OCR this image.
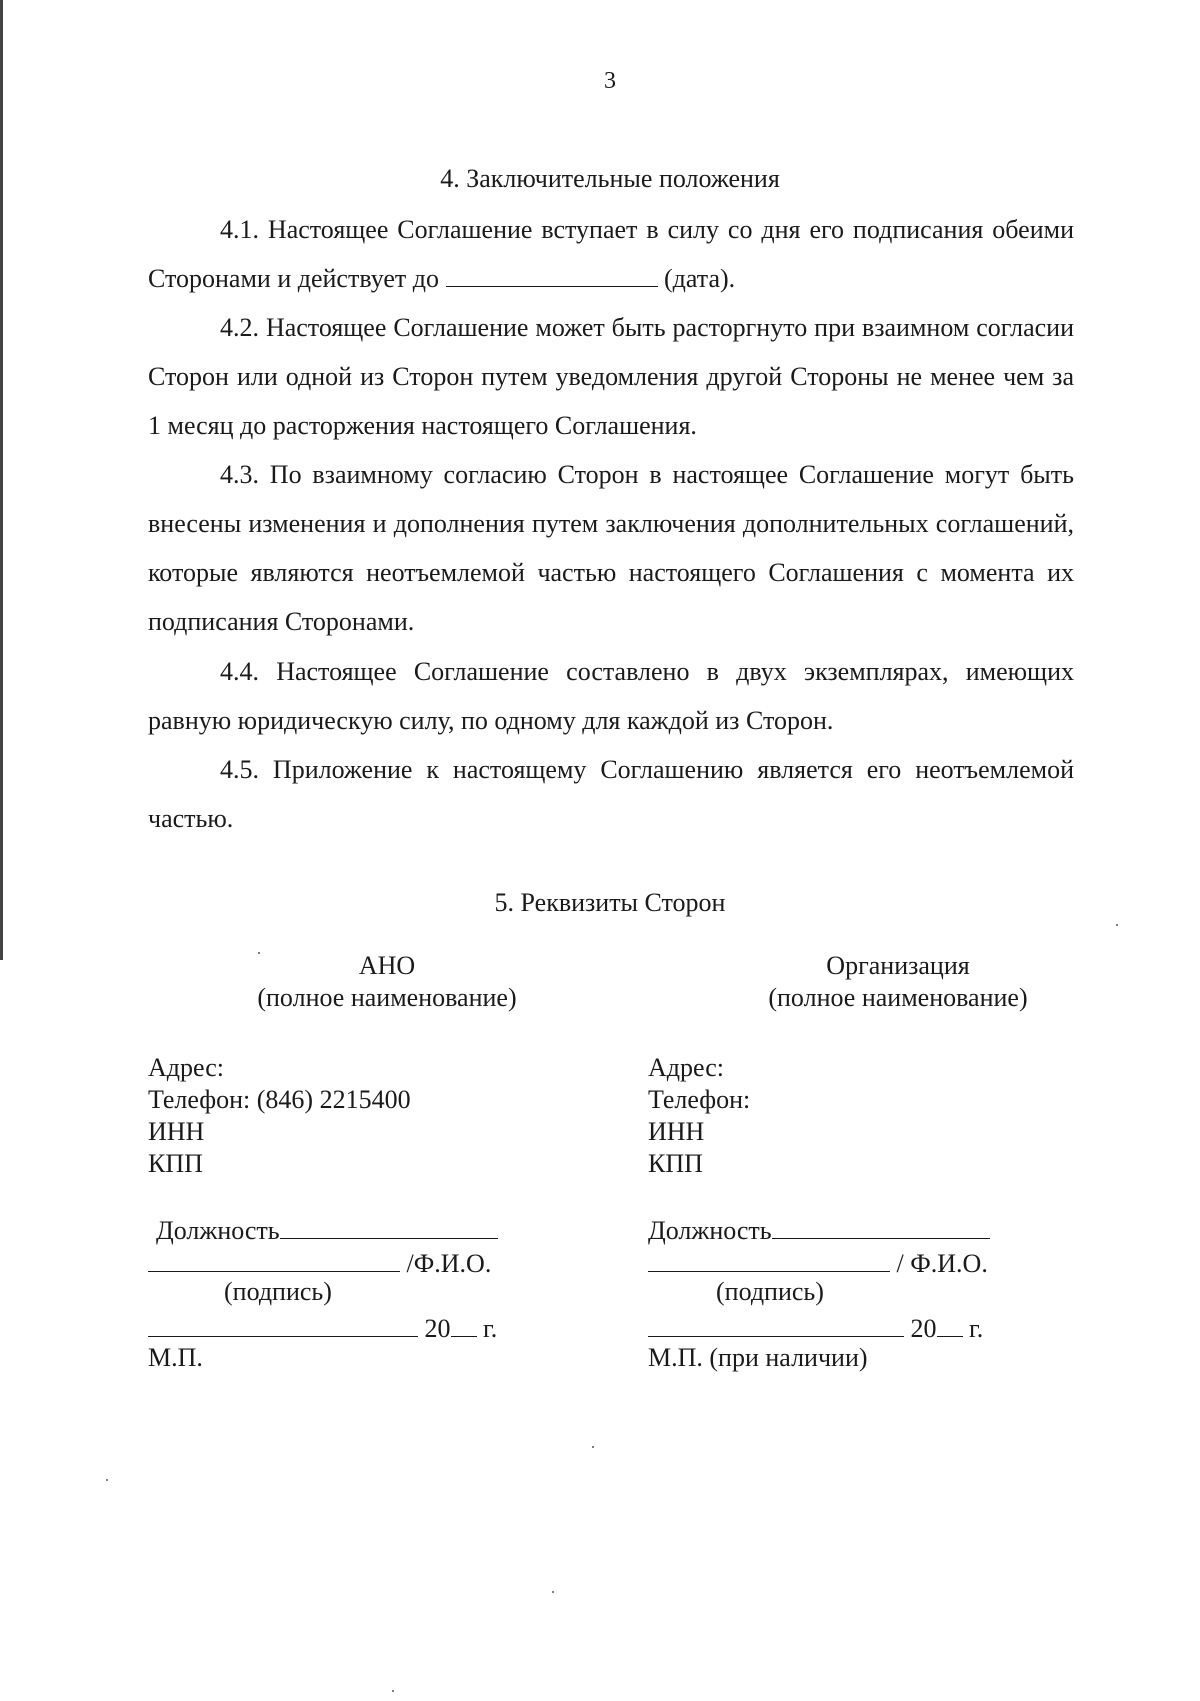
3
4. Заключительные положения

4.1. Настоящее Соглашение вступает в силу со дня его подписания обеими Сторонами и действует до	(дата).

4.2. Настоящее Соглашение может быть расторгнуто при взаимном согласии Сторон или одной из Сторон путем уведомления другой Стороны не менее чем за 1 месяц до расторжения настоящего Соглашения.

4.3. По взаимному согласию Сторон в настоящее Соглашение могут быть внесены изменения и дополнения путем заключения дополнительных соглашений, которые являются неотъемлемой частью настоящего Соглашения с момента их подписания Сторонами.

4.4. Настоящее Соглашение составлено в двух экземплярах, имеющих равную юридическую силу, по одному для каждой из Сторон.

4.5. Приложение к настоящему Соглашению является его неотъемлемой частью.

5. Реквизиты Сторон
АНО
(полное наименование)
Адрес:
Телефон: (846) 2215400
ИНН
КПП
Должность
/Ф.И.О.
(подпись)
20 г.
М.П.
Организация
(полное наименование)
Адрес:
Телефон:
ИНН
КПП
Должность
/ Ф.И.О.
(подпись)
20 г.
М.П. (при наличии)
